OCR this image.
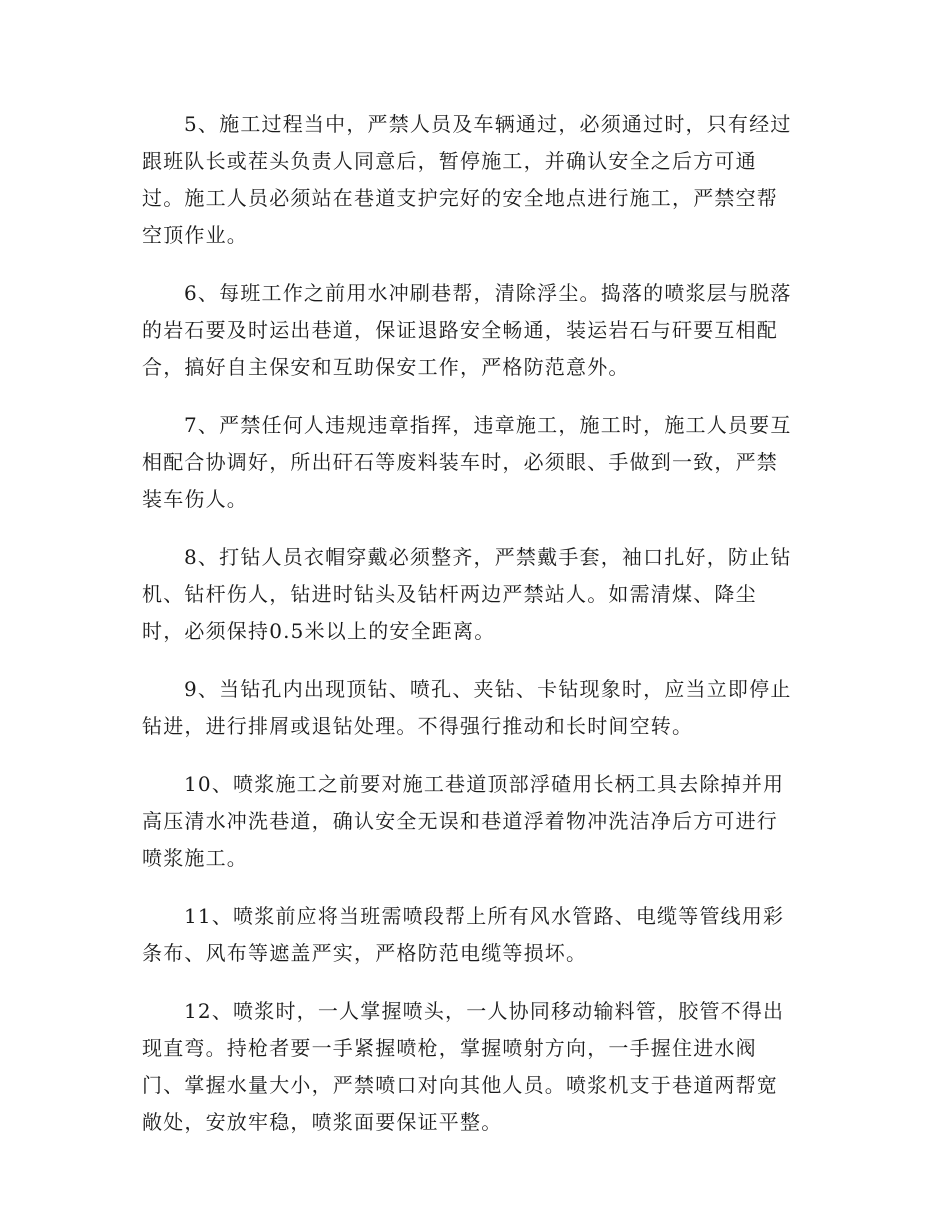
5、施工过程当中，严禁人员及车辆通过，必须通过时，只有经过
跟班队长或茬头负责人同意后，暂停施工，并确认安全之后方可通
过。施工人员必须站在巷道支护完好的安全地点进行施工，严禁空帮
空顶作业。

6、每班工作之前用水冲刷巷帮，清除浮尘。捣落的喷浆层与脱落
的岩石要及时运出巷道，保证退路安全畅通，装运岩石与矸要互相配
合，搞好自主保安和互助保安工作，严格防范意外。

7、严禁任何人违规违章指挥，违章施工，施工时，施工人员要互
相配合协调好，所出矸石等废料装车时，必须眼、手做到一致，严禁
装车伤人。

8、打钻人员衣帽穿戴必须整齐，严禁戴手套，袖口扎好，防止钻
机、钻杆伤人，钻进时钻头及钻杆两边严禁站人。如需清煤、降尘
时，必须保持0.5米以上的安全距离。

9、当钻孔内出现顶钻、喷孔、夹钻、卡钻现象时，应当立即停止
钻进，进行排屑或退钻处理。不得强行推动和长时间空转。

10、喷浆施工之前要对施工巷道顶部浮碴用长柄工具去除掉并用
高压清水冲洗巷道，确认安全无误和巷道浮着物冲洗洁净后方可进行
喷浆施工。

11、喷浆前应将当班需喷段帮上所有风水管路、电缆等管线用彩
条布、风布等遮盖严实，严格防范电缆等损坏。

12、喷浆时，一人掌握喷头，一人协同移动输料管，胶管不得出
现直弯。持枪者要一手紧握喷枪，掌握喷射方向，一手握住进水阀
门、掌握水量大小，严禁喷口对向其他人员。喷浆机支于巷道两帮宽
敞处，安放牢稳，喷浆面要保证平整。
